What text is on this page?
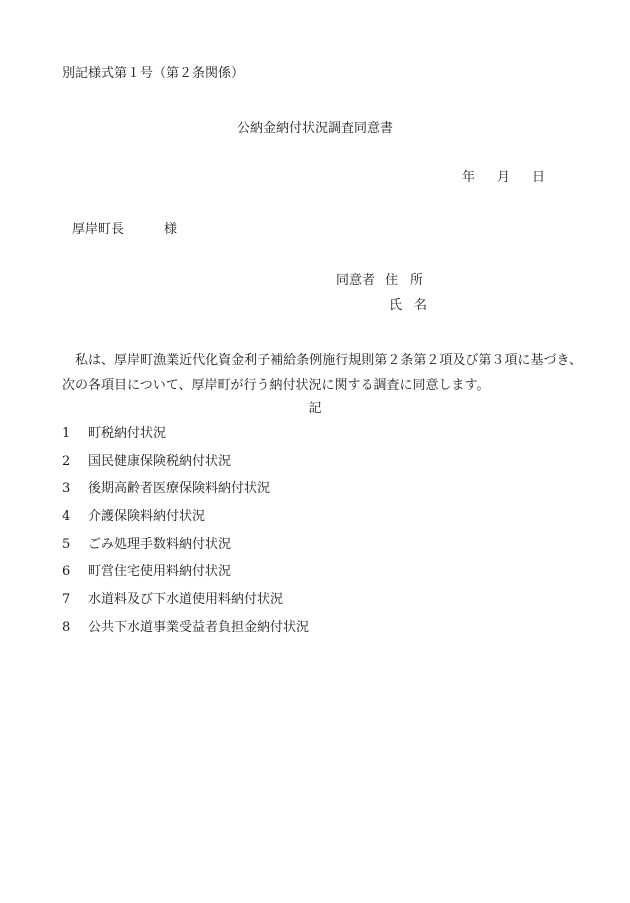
別記様式第１号（第２条関係）
公納金納付状況調査同意書
年 月 日
厚岸町長	様
同意者 住 所
氏 名
私は、厚岸町漁業近代化資金利子補給条例施行規則第２条第２項及び第３項に基づき、次の各項目について、厚岸町が行う納付状況に関する調査に同意します。
記
1 町税納付状況
2 国民健康保険税納付状況
3 後期高齢者医療保険料納付状況
4 介護保険料納付状況
5 ごみ処理手数料納付状況
6 町営住宅使用料納付状況
7 水道料及び下水道使用料納付状況
8 公共下水道事業受益者負担金納付状況
